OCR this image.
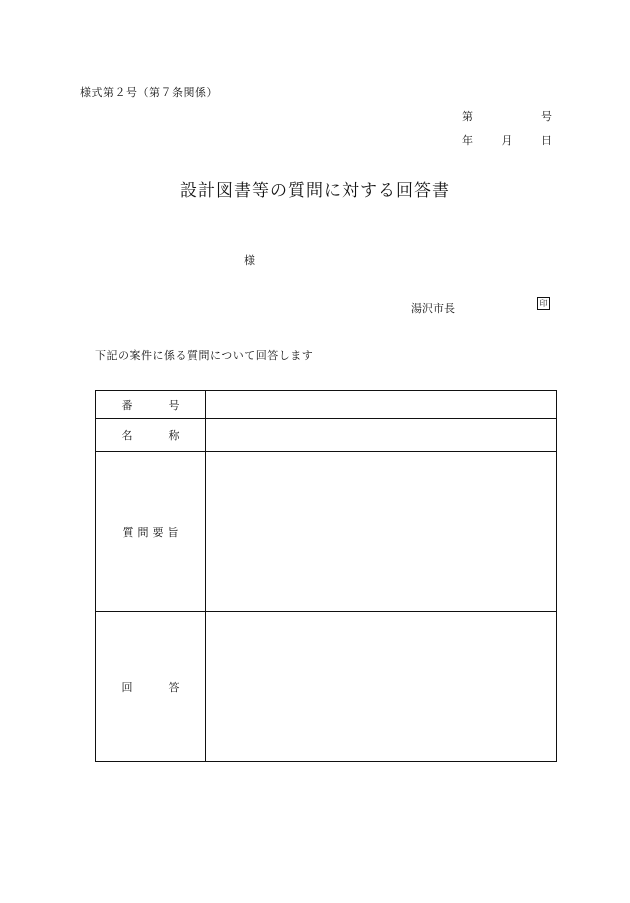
様式第２号（第７条関係）
第	号
年	月	日
設計図書等の質問に対する回答書
様
湯沢市長	印
下記の案件に係る質問について回答します
番 号	

名 称	

質 問 要 旨	

回 答	
